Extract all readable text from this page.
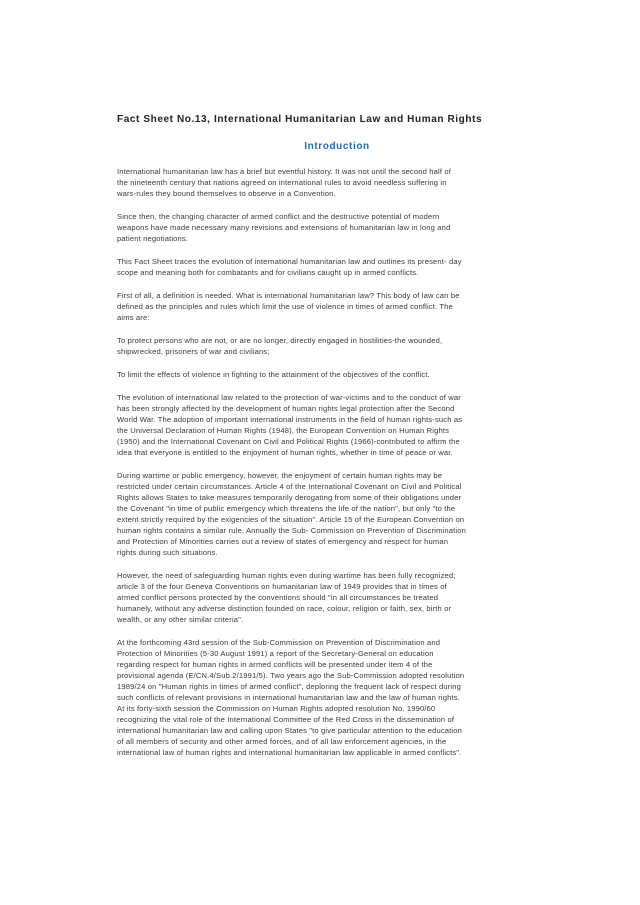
Fact Sheet No.13, International Humanitarian Law and Human Rights
Introduction
International humanitarian law has a brief but eventful history. It was not until the second half of
the nineteenth century that nations agreed on international rules to avoid needless suffering in
wars-rules they bound themselves to observe in a Convention.
Since then, the changing character of armed conflict and the destructive potential of modern
weapons have made necessary many revisions and extensions of humanitarian law in long and
patient negotiations.
This Fact Sheet traces the evolution of international humanitarian law and outlines its present- day
scope and meaning both for combatants and for civilians caught up in armed conflicts.
First of all, a definition is needed. What is international humanitarian law? This body of law can be
defined as the principles and rules which limit the use of violence in times of armed conflict. The
aims are:
To protect persons who are not, or are no longer, directly engaged in hostilities-the wounded,
shipwrecked, prisoners of war and civilians;
To limit the effects of violence in fighting to the attainment of the objectives of the conflict.
The evolution of international law related to the protection of war-victims and to the conduct of war
has been strongly affected by the development of human rights legal protection after the Second
World War. The adoption of important international instruments in the field of human rights-such as
the Universal Declaration of Human Rights (1948), the European Convention on Human Rights
(1950) and the International Covenant on Civil and Political Rights (1966)-contributed to affirm the
idea that everyone is entitled to the enjoyment of human rights, whether in time of peace or war.
During wartime or public emergency, however, the enjoyment of certain human rights may be
restricted under certain circumstances. Article 4 of the International Covenant on Civil and Political
Rights allows States to take measures temporarily derogating from some of their obligations under
the Covenant "in time of public emergency which threatens the life of the nation", but only "to the
extent strictly required by the exigencies of the situation". Article 15 of the European Convention on
human rights contains a similar rule. Annually the Sub- Commission on Prevention of Discrimination
and Protection of Minorities carries out a review of states of emergency and respect for human
rights during such situations.
However, the need of safeguarding human rights even during wartime has been fully recognized;
article 3 of the four Geneva Conventions on humanitarian law of 1949 provides that in times of
armed conflict persons protected by the conventions should "in all circumstances be treated
humanely, without any adverse distinction founded on race, colour, religion or faith, sex, birth or
wealth, or any other similar criteria".
At the forthcoming 43rd session of the Sub-Commission on Prevention of Discrimination and
Protection of Minorities (5-30 August 1991) a report of the Secretary-General on education
regarding respect for human rights in armed conflicts will be presented under item 4 of the
provisional agenda (E/CN.4/Sub.2/1991/5). Two years ago the Sub-Commission adopted resolution
1989/24 on "Human rights in times of armed conflict", deploring the frequent lack of respect during
such conflicts of relevant provisions in international humanitarian law and the law of human rights.
At its forty-sixth session the Commission on Human Rights adopted resolution No. 1990/60
recognizing the vital role of the International Committee of the Red Cross in the dissemination of
international humanitarian law and calling upon States "to give particular attention to the education
of all members of security and other armed forces, and of all law enforcement agencies, in the
international law of human rights and international humanitarian law applicable in armed conflicts".
